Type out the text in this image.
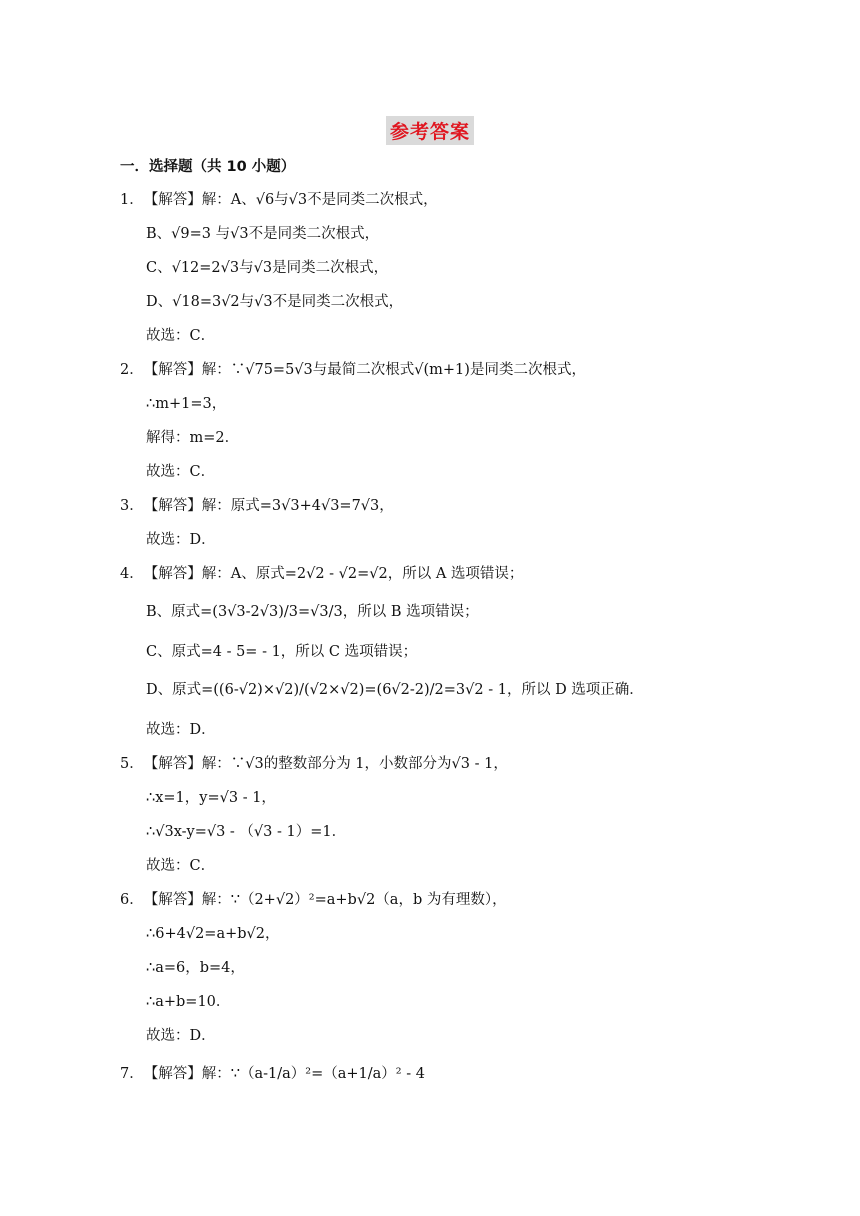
参考答案
一．选择题（共 10 小题）
1．【解答】解：A、√6与√3不是同类二次根式，
B、√9=3 与√3不是同类二次根式，
C、√12=2√3与√3是同类二次根式，
D、√18=3√2与√3不是同类二次根式，
故选：C．
2．【解答】解：∵√75=5√3与最简二次根式√(m+1)是同类二次根式，
∴m+1=3，
解得：m=2．
故选：C．
3．【解答】解：原式=3√3+4√3=7√3，
故选：D．
4．【解答】解：A、原式=2√2 - √2=√2，所以 A 选项错误；
B、原式=(3√3-2√3)/3=√3/3，所以 B 选项错误；
C、原式=4 - 5= - 1，所以 C 选项错误；
D、原式=((6-√2)×√2)/(√2×√2)=(6√2-2)/2=3√2 - 1，所以 D 选项正确．
故选：D．
5．【解答】解：∵√3的整数部分为 1，小数部分为√3 - 1，
∴x=1，y=√3 - 1，
∴√3x-y=√3 - （√3 - 1）=1．
故选：C．
6．【解答】解：∵（2+√2）²=a+b√2（a，b 为有理数），
∴6+4√2=a+b√2，
∴a=6，b=4，
∴a+b=10．
故选：D．
7．【解答】解：∵（a-1/a）²=（a+1/a）² - 4
